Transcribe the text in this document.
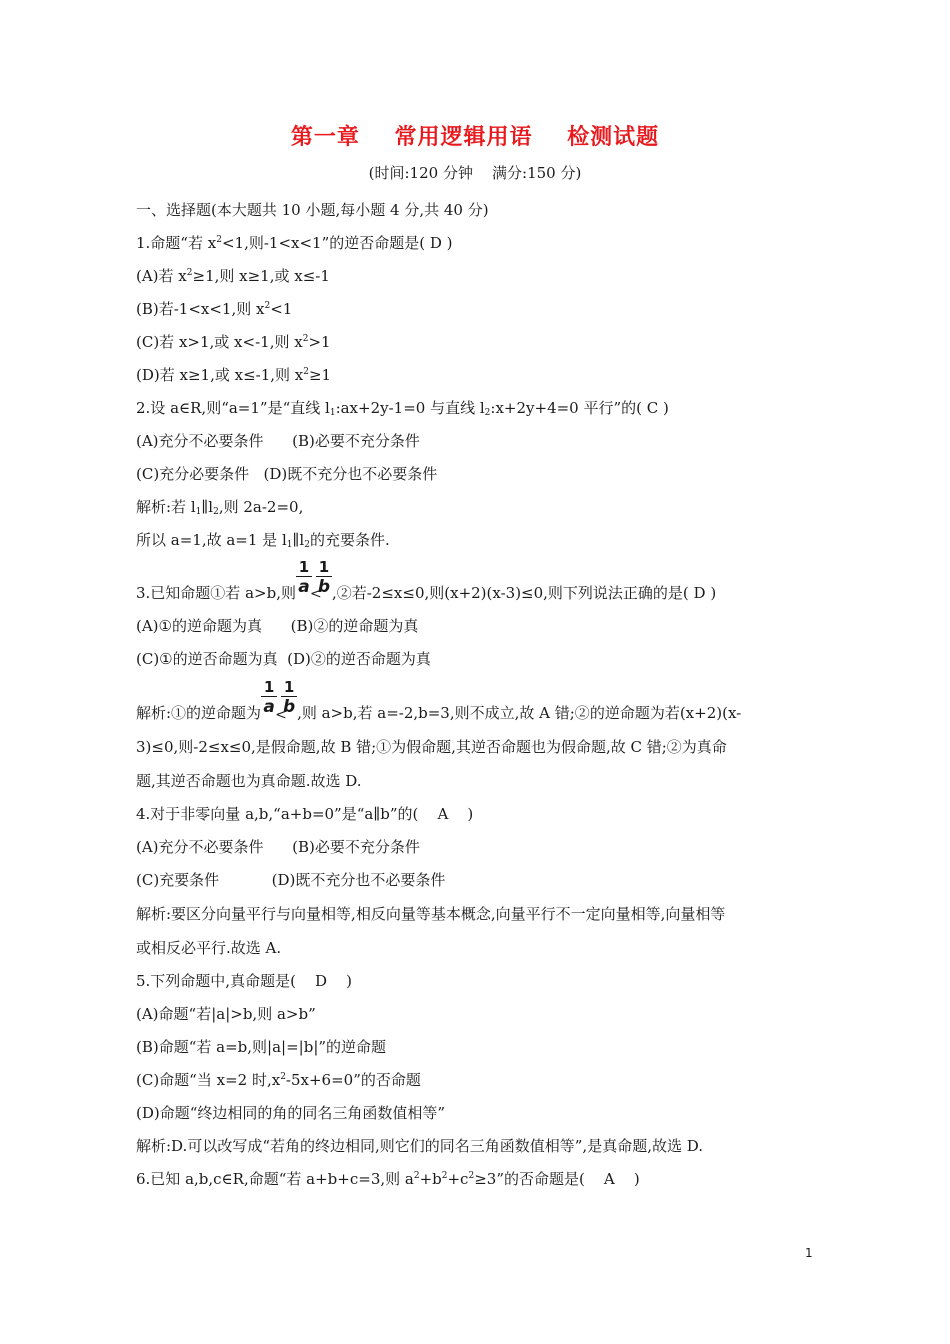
第一章    常用逻辑用语    检测试题
(时间:120 分钟    满分:150 分)
一、选择题(本大题共 10 小题,每小题 4 分,共 40 分)
1.命题“若 $x^2<1$,则-1<x<1”的逆否命题是( D )
(A)若 $x^2\ge 1$,则 x≥1,或 x≤-1
(B)若-1<x<1,则 $x^2<1$
(C)若 x>1,或 x<-1,则 $x^2>1$
(D)若 x≥1,或 x≤-1,则 $x^2\ge 1$
2.设 a∈R,则“a=1”是“直线 $l_1:ax+2y-1=0$ 与直线 $l_2:x+2y+4=0$ 平行”的( C )
(A)充分不必要条件      (B)必要不充分条件
(C)充分必要条件   (D)既不充分也不必要条件
解析:若 $l_1\parallel l_2$,则 2a-2=0,
所以 a=1,故 a=1 是 $l_1\parallel l_2$的充要条件.
3.已知命题①若 a>b,则 $\frac{1}{a}$
<
$\frac{1}{b}$ ,②若-2≤x≤0,则(x+2)(x-3)≤0,则下列说法正确的是( D )
(A)①的逆命题为真      (B)②的逆命题为真
(C)①的逆否命题为真  (D)②的逆否命题为真
解析:①的逆命题为 $\frac{1}{a}$
<
$\frac{1}{b}$ ,则 a>b,若 a=-2,b=3,则不成立,故 A 错;②的逆命题为若(x+2)(x-
3)≤0,则-2≤x≤0,是假命题,故 B 错;①为假命题,其逆否命题也为假命题,故 C 错;②为真命
题,其逆否命题也为真命题.故选 D.
4.对于非零向量 a,b,“a+b=0”是“a∥b”的(    A    )
(A)充分不必要条件      (B)必要不充分条件
(C)充要条件           (D)既不充分也不必要条件
解析:要区分向量平行与向量相等,相反向量等基本概念,向量平行不一定向量相等,向量相等
或相反必平行.故选 A.
5.下列命题中,真命题是(    D    )
(A)命题“若|a|>b,则 a>b”
(B)命题“若 a=b,则|a|=|b|”的逆命题
(C)命题“当 x=2 时$,x^2-5x+6=0$”的否命题
(D)命题“终边相同的角的同名三角函数值相等”
解析:D.可以改写成“若角的终边相同,则它们的同名三角函数值相等”,是真命题,故选 D.
6.已知 a,b,c∈R,命题“若 a+b+c=3,则 $a^2+b^2+c^2\ge 3$”的否命题是(    A    )
1
